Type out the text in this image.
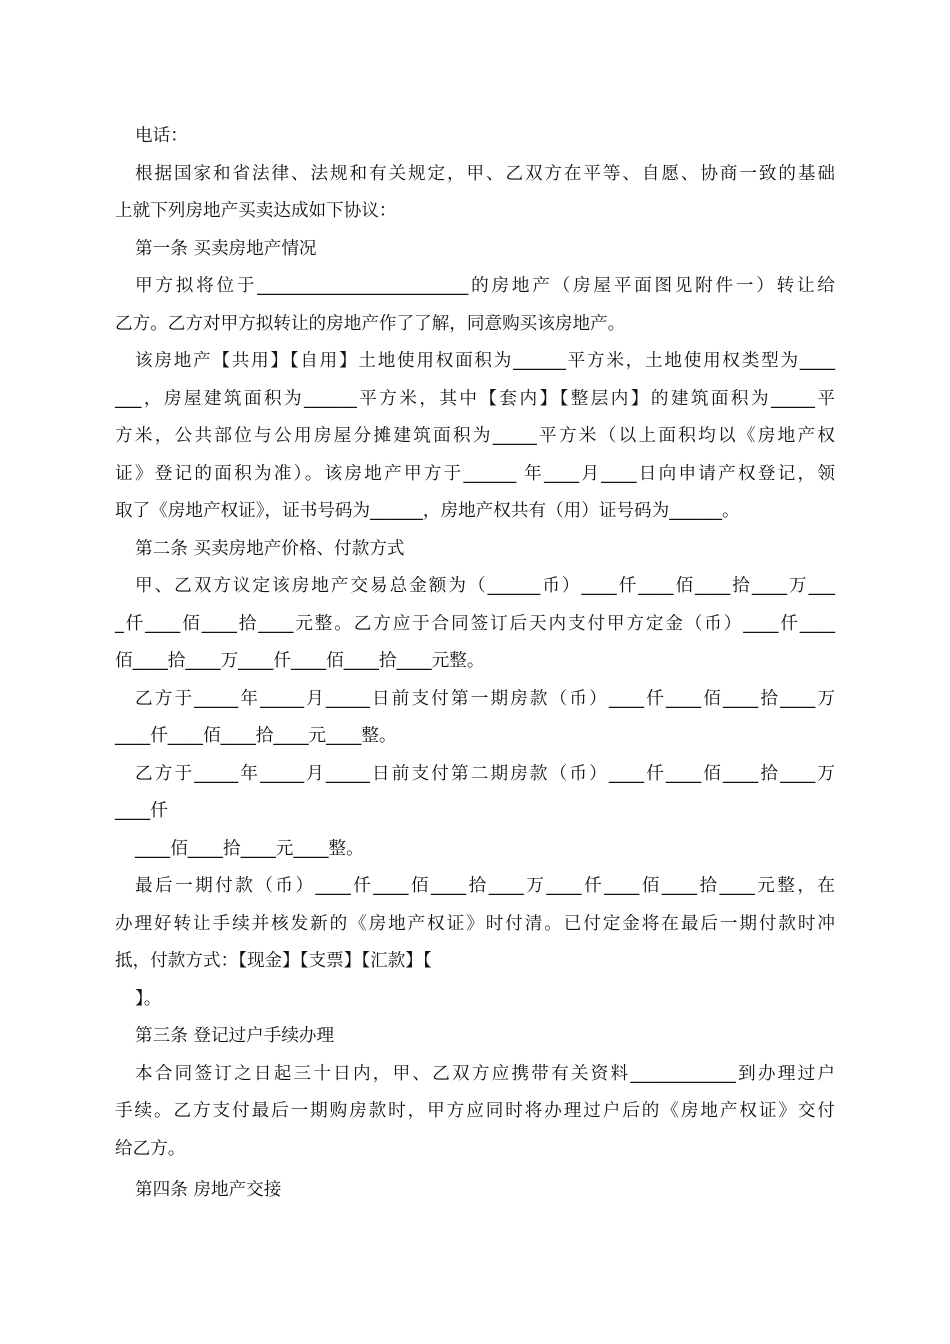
电话：
根据国家和省法律、法规和有关规定，甲、乙双方在平等、自愿、协商一致的基础
上就下列房地产买卖达成如下协议：
第一条 买卖房地产情况
甲方拟将位于________________________的房地产（房屋平面图见附件一）转让给
乙方。乙方对甲方拟转让的房地产作了了解，同意购买该房地产。
该房地产【共用】【自用】土地使用权面积为______平方米，土地使用权类型为____
___，房屋建筑面积为______平方米，其中【套内】【整层内】的建筑面积为_____平
方米，公共部位与公用房屋分摊建筑面积为_____平方米（以上面积均以《房地产权
证》登记的面积为准）。该房地产甲方于______ 年____月____日向申请产权登记，领
取了《房地产权证》，证书号码为______，房地产权共有（用）证号码为______。
第二条 买卖房地产价格、付款方式
甲、乙双方议定该房地产交易总金额为（______币）____仟____佰____拾____万___
_仟____佰____拾____元整。乙方应于合同签订后天内支付甲方定金（币）____仟____
佰____拾____万____仟____佰____拾____元整。
乙方于_____年_____月_____日前支付第一期房款（币）____仟____佰____拾____万
____仟____佰____拾____元____整。
乙方于_____年_____月_____日前支付第二期房款（币）____仟____佰____拾____万
____仟
____佰____拾____元____整。
最后一期付款（币）____仟____佰____拾____万____仟____佰____拾____元整，在
办理好转让手续并核发新的《房地产权证》时付清。已付定金将在最后一期付款时冲
抵，付款方式：【现金】【支票】【汇款】【
】。
第三条 登记过户手续办理
本合同签订之日起三十日内，甲、乙双方应携带有关资料____________到办理过户
手续。乙方支付最后一期购房款时，甲方应同时将办理过户后的《房地产权证》交付
给乙方。
第四条 房地产交接
